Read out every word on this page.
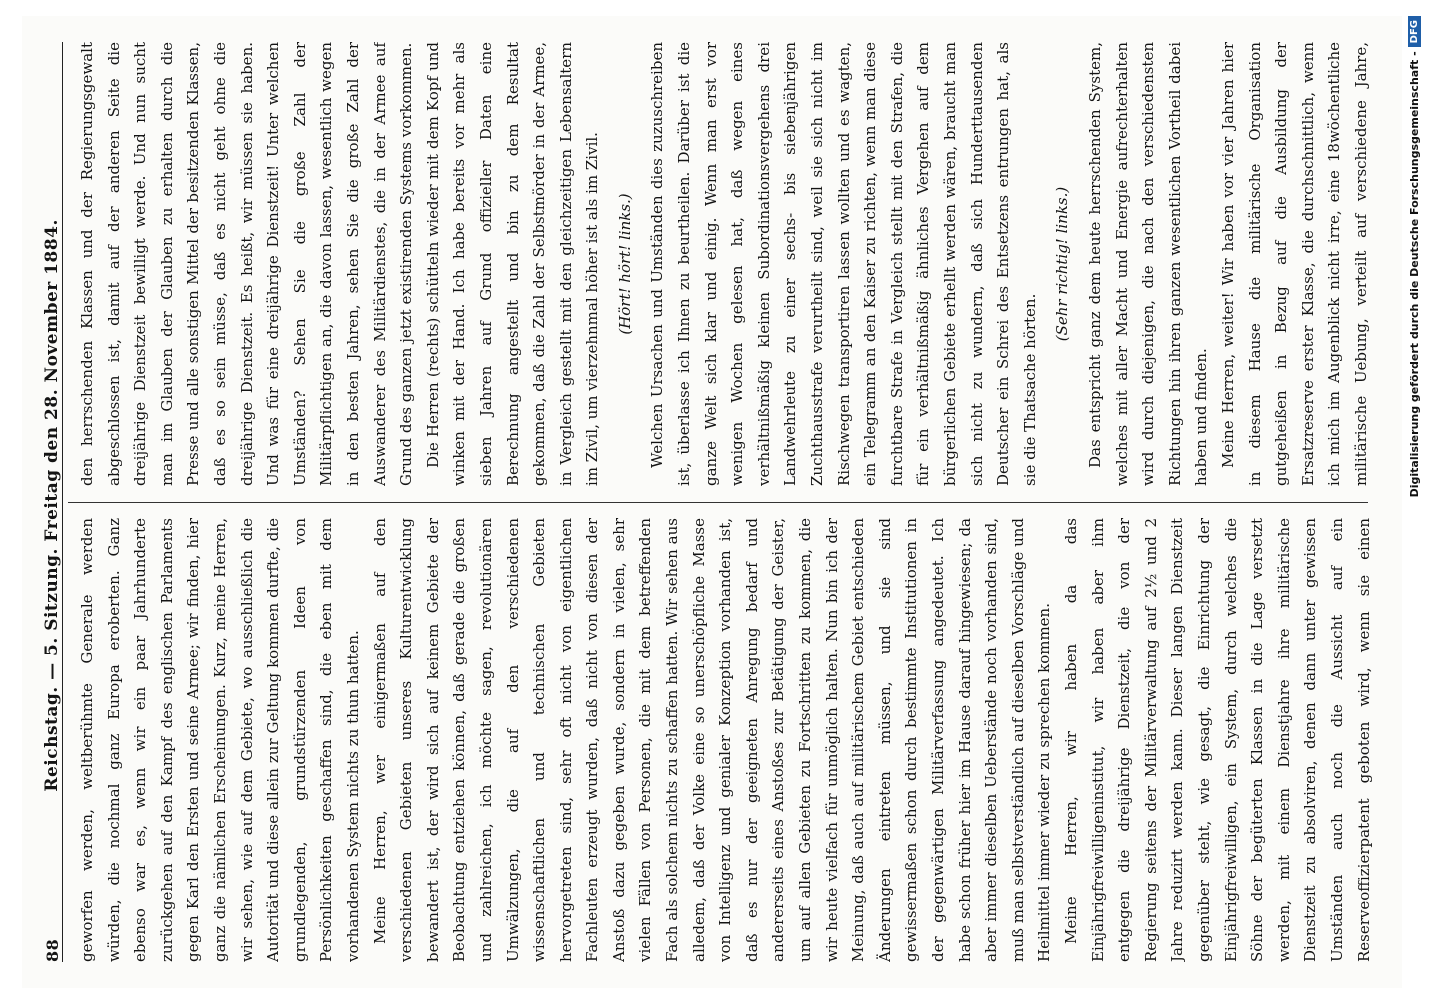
88
Reichstag. — 5. Sitzung. Freitag den 28. November 1884. geworfen werden, weltberühmte Generale werden würden, die nochmal ganz Europa eroberten. Ganz ebenso war es, wenn wir ein paar Jahrhunderte zurückgehen auf den Kampf des englischen Parlaments gegen Karl den Ersten und seine Armee; wir finden, hier ganz die nämlichen Erscheinungen. Kurz, meine Herren, wir sehen, wie auf dem Gebiete, wo ausschließlich die Autorität und diese allein zur Geltung kommen durfte, die grundlegenden, grundstürzenden Ideen von Persönlichkeiten geschaffen sind, die eben mit dem vorhandenen System nichts zu thun hatten. Meine Herren, wer einigermaßen auf den verschiedenen Gebieten unseres Kulturentwicklung bewandert ist, der wird sich auf keinem Gebiete der Beobachtung entziehen können, daß gerade die großen und zahlreichen, ich möchte sagen, revolutionären Umwälzungen, die auf den verschiedenen wissenschaftlichen und technischen Gebieten hervorgetreten sind, sehr oft nicht von eigentlichen Fachleuten erzeugt wurden, daß nicht von diesen der Anstoß dazu gegeben wurde, sondern in vielen, sehr vielen Fällen von Personen, die mit dem betreffenden Fach als solchem nichts zu schaffen hatten. Wir sehen aus alledem, daß der Volke eine so unerschöpfliche Masse von Intelligenz und genialer Konzeption vorhanden ist, daß es nur der geeigneten Anregung bedarf und andererseits eines Anstoßes zur Betätigung der Geister, um auf allen Gebieten zu Fortschritten zu kommen, die wir heute vielfach für unmöglich halten. Nun bin ich der Meinung, daß auch auf militärischem Gebiet entschieden Änderungen eintreten müssen, und sie sind gewissermaßen schon durch bestimmte Institutionen in der gegenwärtigen Militärverfassung angedeutet. Ich habe schon früher hier im Hause darauf hingewiesen; da aber immer dieselben Ueberstände noch vorhanden sind, muß man selbstverständlich auf dieselben Vorschläge und Heilmittel immer wieder zu sprechen kommen. Meine Herren, wir haben da das Einjährigfreiwilligeninstitut, wir haben aber ihm entgegen die dreijährige Dienstzeit, die von der Regierung seitens der Militärverwaltung auf 2½ und 2 Jahre reduzirt werden kann. Dieser langen Dienstzeit gegenüber steht, wie gesagt, die Einrichtung der Einjährigfreiwilligen, ein System, durch welches die Söhne der begüterten Klassen in die Lage versetzt werden, mit einem Dienstjahre ihre militärische Dienstzeit zu absolviren, denen dann unter gewissen Umständen auch noch die Aussicht auf ein Reserveoffizierpatent geboten wird, wenn sie einen

den herrschenden Klassen und der Regierungsgewalt abgeschlossen ist, damit auf der anderen Seite die dreijährige Dienstzeit bewilligt werde. Und nun sucht man im Glauben der Glauben zu erhalten durch die Presse und alle sonstigen Mittel der besitzenden Klassen, daß es so sein müsse, daß es nicht geht ohne die dreijährige Dienstzeit. Es heißt, wir müssen sie haben. Und was für eine dreijährige Dienstzeit! Unter welchen Umständen? Sehen Sie die große Zahl der Militärpflichtigen an, die davon lassen, wesentlich wegen in den besten Jahren, sehen Sie die große Zahl der Auswanderer des Militärdienstes, die in der Armee auf Grund des ganzen jetzt existirenden Systems vorkommen. Die Herren (rechts) schütteln wieder mit dem Kopf und winken mit der Hand. Ich habe bereits vor mehr als sieben Jahren auf Grund offizieller Daten eine Berechnung angestellt und bin zu dem Resultat gekommen, daß die Zahl der Selbstmörder in der Armee, in Vergleich gestellt mit den gleichzeitigen Lebensaltern im Zivil, um vierzehnmal höher ist als im Zivil. (Hört! hört! links.) Welchen Ursachen und Umständen dies zuzuschreiben ist, überlasse ich Ihnen zu beurtheilen. Darüber ist die ganze Welt sich klar und einig. Wenn man erst vor wenigen Wochen gelesen hat, daß wegen eines verhältnißmäßig kleinen Subordinationsvergehens drei Landwehrleute zu einer sechs- bis siebenjährigen Zuchthausstrafe verurtheilt sind, weil sie sich nicht im Rischwegen transportiren lassen wollten und es wagten, ein Telegramm an den Kaiser zu richten, wenn man diese furchtbare Strafe in Vergleich stellt mit den Strafen, die für ein verhältnißmäßig ähnliches Vergehen auf dem bürgerlichen Gebiete erhellt werden wären, braucht man sich nicht zu wundern, daß sich Hunderttausenden Deutscher ein Schrei des Entsetzens entrungen hat, als sie die Thatsache hörten.

(Sehr richtig! links.) Das entspricht ganz dem heute herrschenden System, welches mit aller Macht und Energie aufrechterhalten wird durch diejenigen, die nach den verschiedensten Richtungen hin ihren ganzen wesentlichen Vortheil dabei haben und finden. Meine Herren, weiter! Wir haben vor vier Jahren hier in diesem Hause die militärische Organisation gutgeheißen in Bezug auf die Ausbildung der Ersatzreserve erster Klasse, die durchschnittlich, wenn ich mich im Augenblick nicht irre, eine 18wöchentliche militärische Uebung, verteilt auf verschiedene Jahre,	Digitalisierung gefördert durch die Deutsche Forschungsgemeinschaft -
DFG
